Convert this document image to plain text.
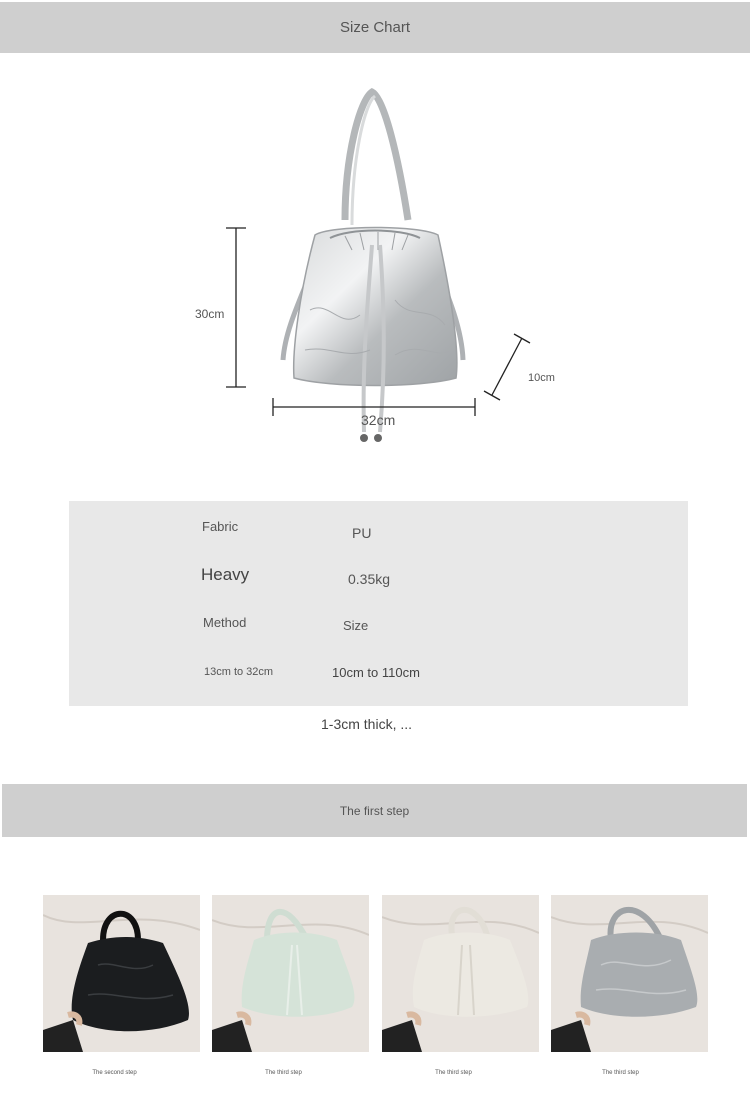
Size Chart
30cm
32cm
10cm
Fabric	PU
Heavy	0.35kg
Method	Size
13cm to 32cm	10cm to 110cm
1-3cm thick, ...
The first step
The second step	The third step	The third step	The third step
